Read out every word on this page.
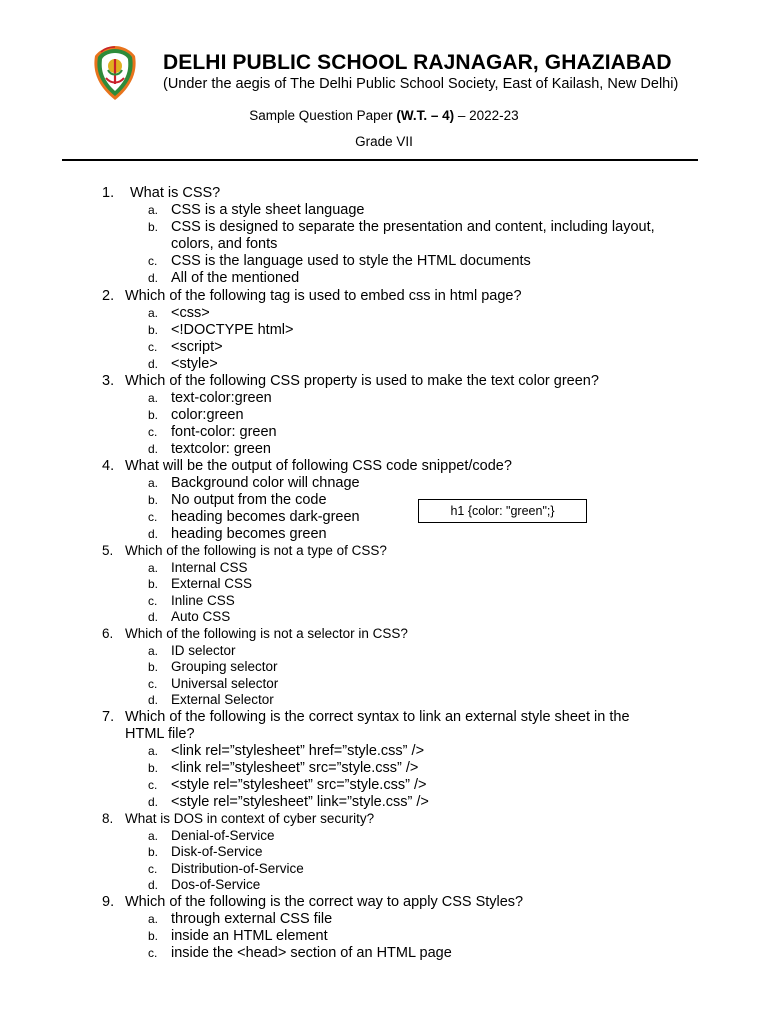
DELHI PUBLIC SCHOOL RAJNAGAR, GHAZIABAD
(Under the aegis of The Delhi Public School Society, East of Kailash, New Delhi)
Sample Question Paper (W.T. – 4) – 2022-23
Grade VII
1. What is CSS?
a. CSS is a style sheet language
b. CSS is designed to separate the presentation and content, including layout, colors, and fonts
c. CSS is the language used to style the HTML documents
d. All of the mentioned
2. Which of the following tag is used to embed css in html page?
a. <css>
b. <!DOCTYPE html>
c. <script>
d. <style>
3. Which of the following CSS property is used to make the text color green?
a. text-color:green
b. color:green
c. font-color: green
d. textcolor: green
4. What will be the output of following CSS code snippet/code?
a. Background color will chnage
b. No output from the code
c. heading becomes dark-green
d. heading becomes green
5. Which of the following is not a type of CSS?
a. Internal CSS
b. External CSS
c. Inline CSS
d. Auto CSS
6. Which of the following is not a selector in CSS?
a. ID selector
b. Grouping selector
c. Universal selector
d. External Selector
7. Which of the following is the correct syntax to link an external style sheet in the HTML file?
a. <link rel=”stylesheet” href=”style.css” />
b. <link rel=”stylesheet” src=”style.css” />
c. <style rel=”stylesheet” src=”style.css” />
d. <style rel=”stylesheet” link=”style.css” />
8. What is DOS in context of cyber security?
a. Denial-of-Service
b. Disk-of-Service
c. Distribution-of-Service
d. Dos-of-Service
9. Which of the following is the correct way to apply CSS Styles?
a. through external CSS file
b. inside an HTML element
c. inside the <head> section of an HTML page
h1 {color: "green";}
